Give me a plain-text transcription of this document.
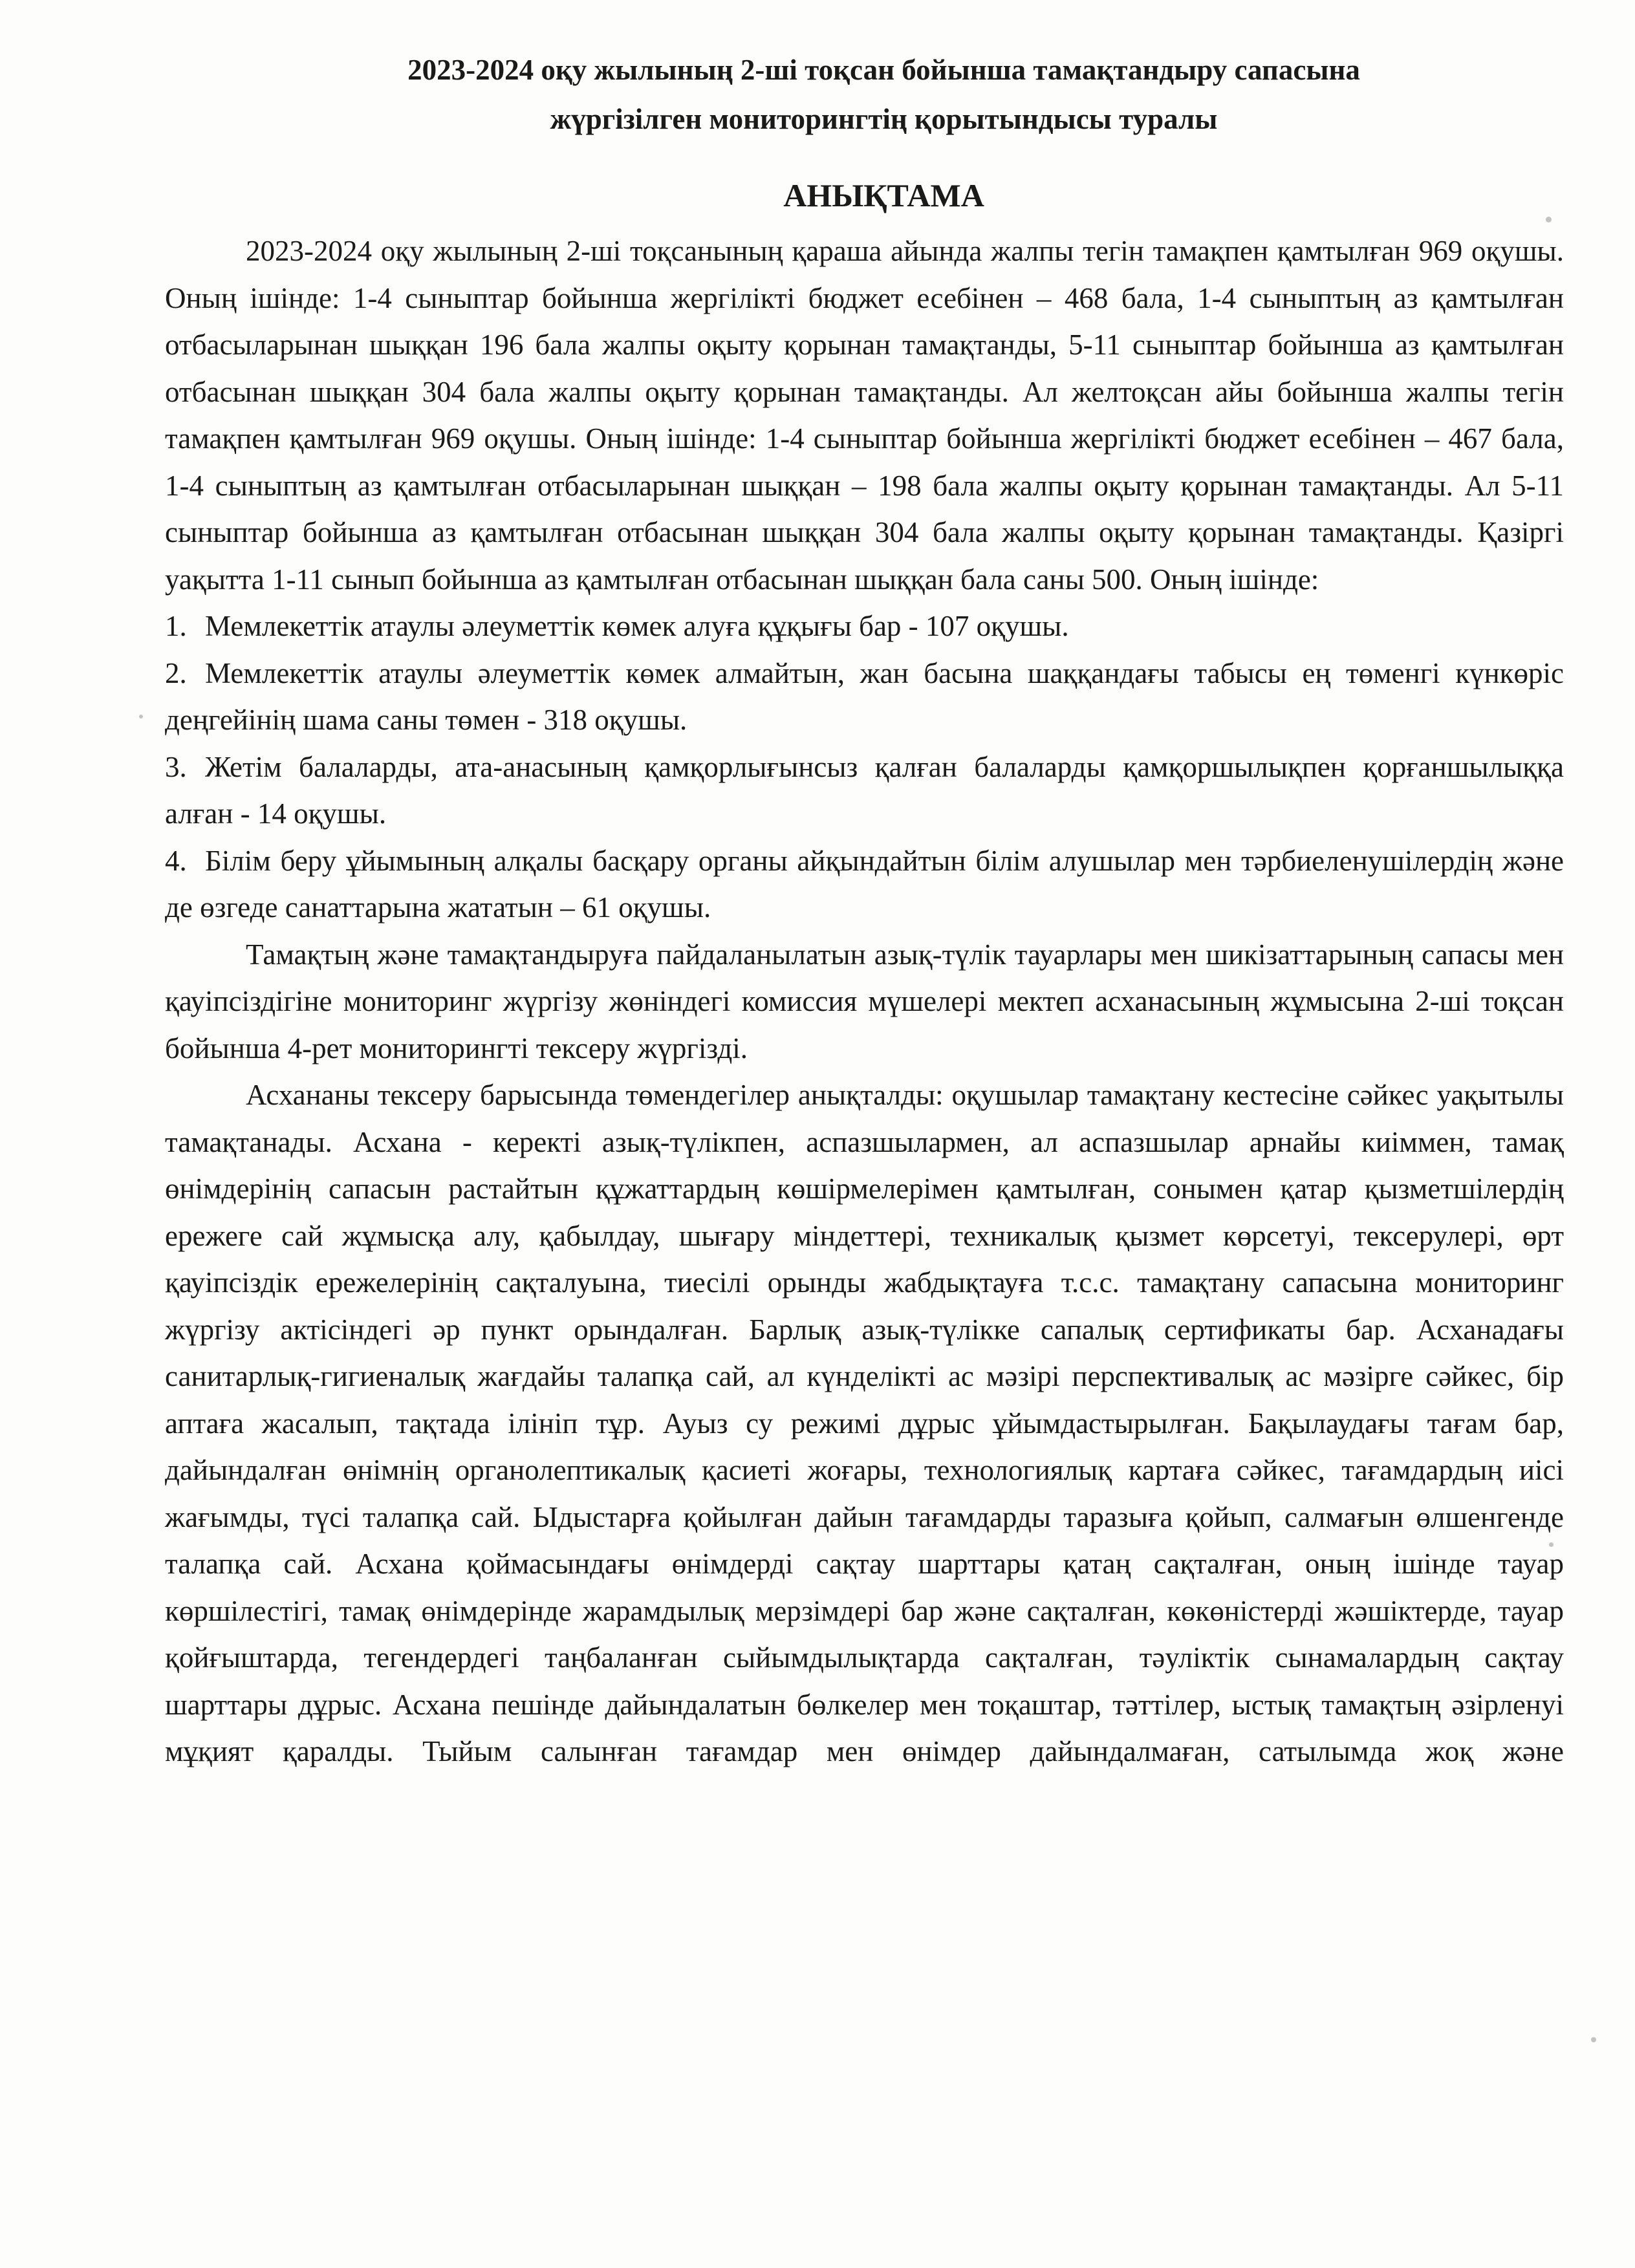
2023-2024 оқу жылының 2-ші тоқсан бойынша тамақтандыру сапасына
жүргізілген мониторингтің қорытындысы туралы
АНЫҚТАМА

2023-2024 оқу жылының 2-ші тоқсанының қараша айында жалпы тегін тамақпен қамтылған 969 оқушы. Оның ішінде: 1-4 сыныптар бойынша жергілікті бюджет есебінен – 468 бала, 1-4 сыныптың аз қамтылған отбасыларынан шыққан 196 бала жалпы оқыту қорынан тамақтанды, 5-11 сыныптар бойынша аз қамтылған отбасынан шыққан 304 бала жалпы оқыту қорынан тамақтанды. Ал желтоқсан айы бойынша жалпы тегін тамақпен қамтылған 969 оқушы. Оның ішінде: 1-4 сыныптар бойынша жергілікті бюджет есебінен – 467 бала, 1-4 сыныптың аз қамтылған отбасыларынан шыққан – 198 бала жалпы оқыту қорынан тамақтанды. Ал 5-11 сыныптар бойынша аз қамтылған отбасынан шыққан 304 бала жалпы оқыту қорынан тамақтанды. Қазіргі уақытта 1-11 сынып бойынша аз қамтылған отбасынан шыққан бала саны 500. Оның ішінде:

1. Мемлекеттік атаулы әлеуметтік көмек алуға құқығы бар - 107 оқушы.

2. Мемлекеттік атаулы әлеуметтік көмек алмайтын, жан басына шаққандағы табысы ең төменгі күнкөріс деңгейінің шама саны төмен - 318 оқушы.

3. Жетім балаларды, ата-анасының қамқорлығынсыз қалған балаларды қамқоршылықпен қорғаншылыққа алған - 14 оқушы.

4. Білім беру ұйымының алқалы басқару органы айқындайтын білім алушылар мен тәрбиеленушілердің және де өзгеде санаттарына жататын – 61 оқушы.

Тамақтың және тамақтандыруға пайдаланылатын азық-түлік тауарлары мен шикізаттарының сапасы мен қауіпсіздігіне мониторинг жүргізу жөніндегі комиссия мүшелері мектеп асханасының жұмысына 2-ші тоқсан бойынша 4-рет мониторингті тексеру жүргізді.

Асхананы тексеру барысында төмендегілер анықталды: оқушылар тамақтану кестесіне сәйкес уақытылы тамақтанады. Асхана - керекті азық-түлікпен, аспазшылармен, ал аспазшылар арнайы киіммен, тамақ өнімдерінің сапасын растайтын құжаттардың көшірмелерімен қамтылған, сонымен қатар қызметшілердің ережеге сай жұмысқа алу, қабылдау, шығару міндеттері, техникалық қызмет көрсетуі, тексерулері, өрт қауіпсіздік ережелерінің сақталуына, тиесілі орынды жабдықтауға т.с.с. тамақтану сапасына мониторинг жүргізу актісіндегі әр пункт орындалған. Барлық азық-түлікке сапалық сертификаты бар. Асханадағы санитарлық-гигиеналық жағдайы талапқа сай, ал күнделікті ас мәзірі перспективалық ас мәзірге сәйкес, бір аптаға жасалып, тақтада ілініп тұр. Ауыз су режимі дұрыс ұйымдастырылған. Бақылаудағы тағам бар, дайындалған өнімнің органолептикалық қасиеті жоғары, технологиялық картаға сәйкес, тағамдардың иісі жағымды, түсі талапқа сай. Ыдыстарға қойылған дайын тағамдарды таразыға қойып, салмағын өлшенгенде талапқа сай. Асхана қоймасындағы өнімдерді сақтау шарттары қатаң сақталған, оның ішінде тауар көршілестігі, тамақ өнімдерінде жарамдылық мерзімдері бар және сақталған, көкөністерді жәшіктерде, тауар қойғыштарда, тегендердегі таңбаланған сыйымдылықтарда сақталған, тәуліктік сынамалардың сақтау шарттары дұрыс. Асхана пешінде дайындалатын бөлкелер мен тоқаштар, тәттілер, ыстық тамақтың әзірленуі мұқият қаралды. Тыйым салынған тағамдар мен өнімдер дайындалмаған, сатылымда жоқ және
